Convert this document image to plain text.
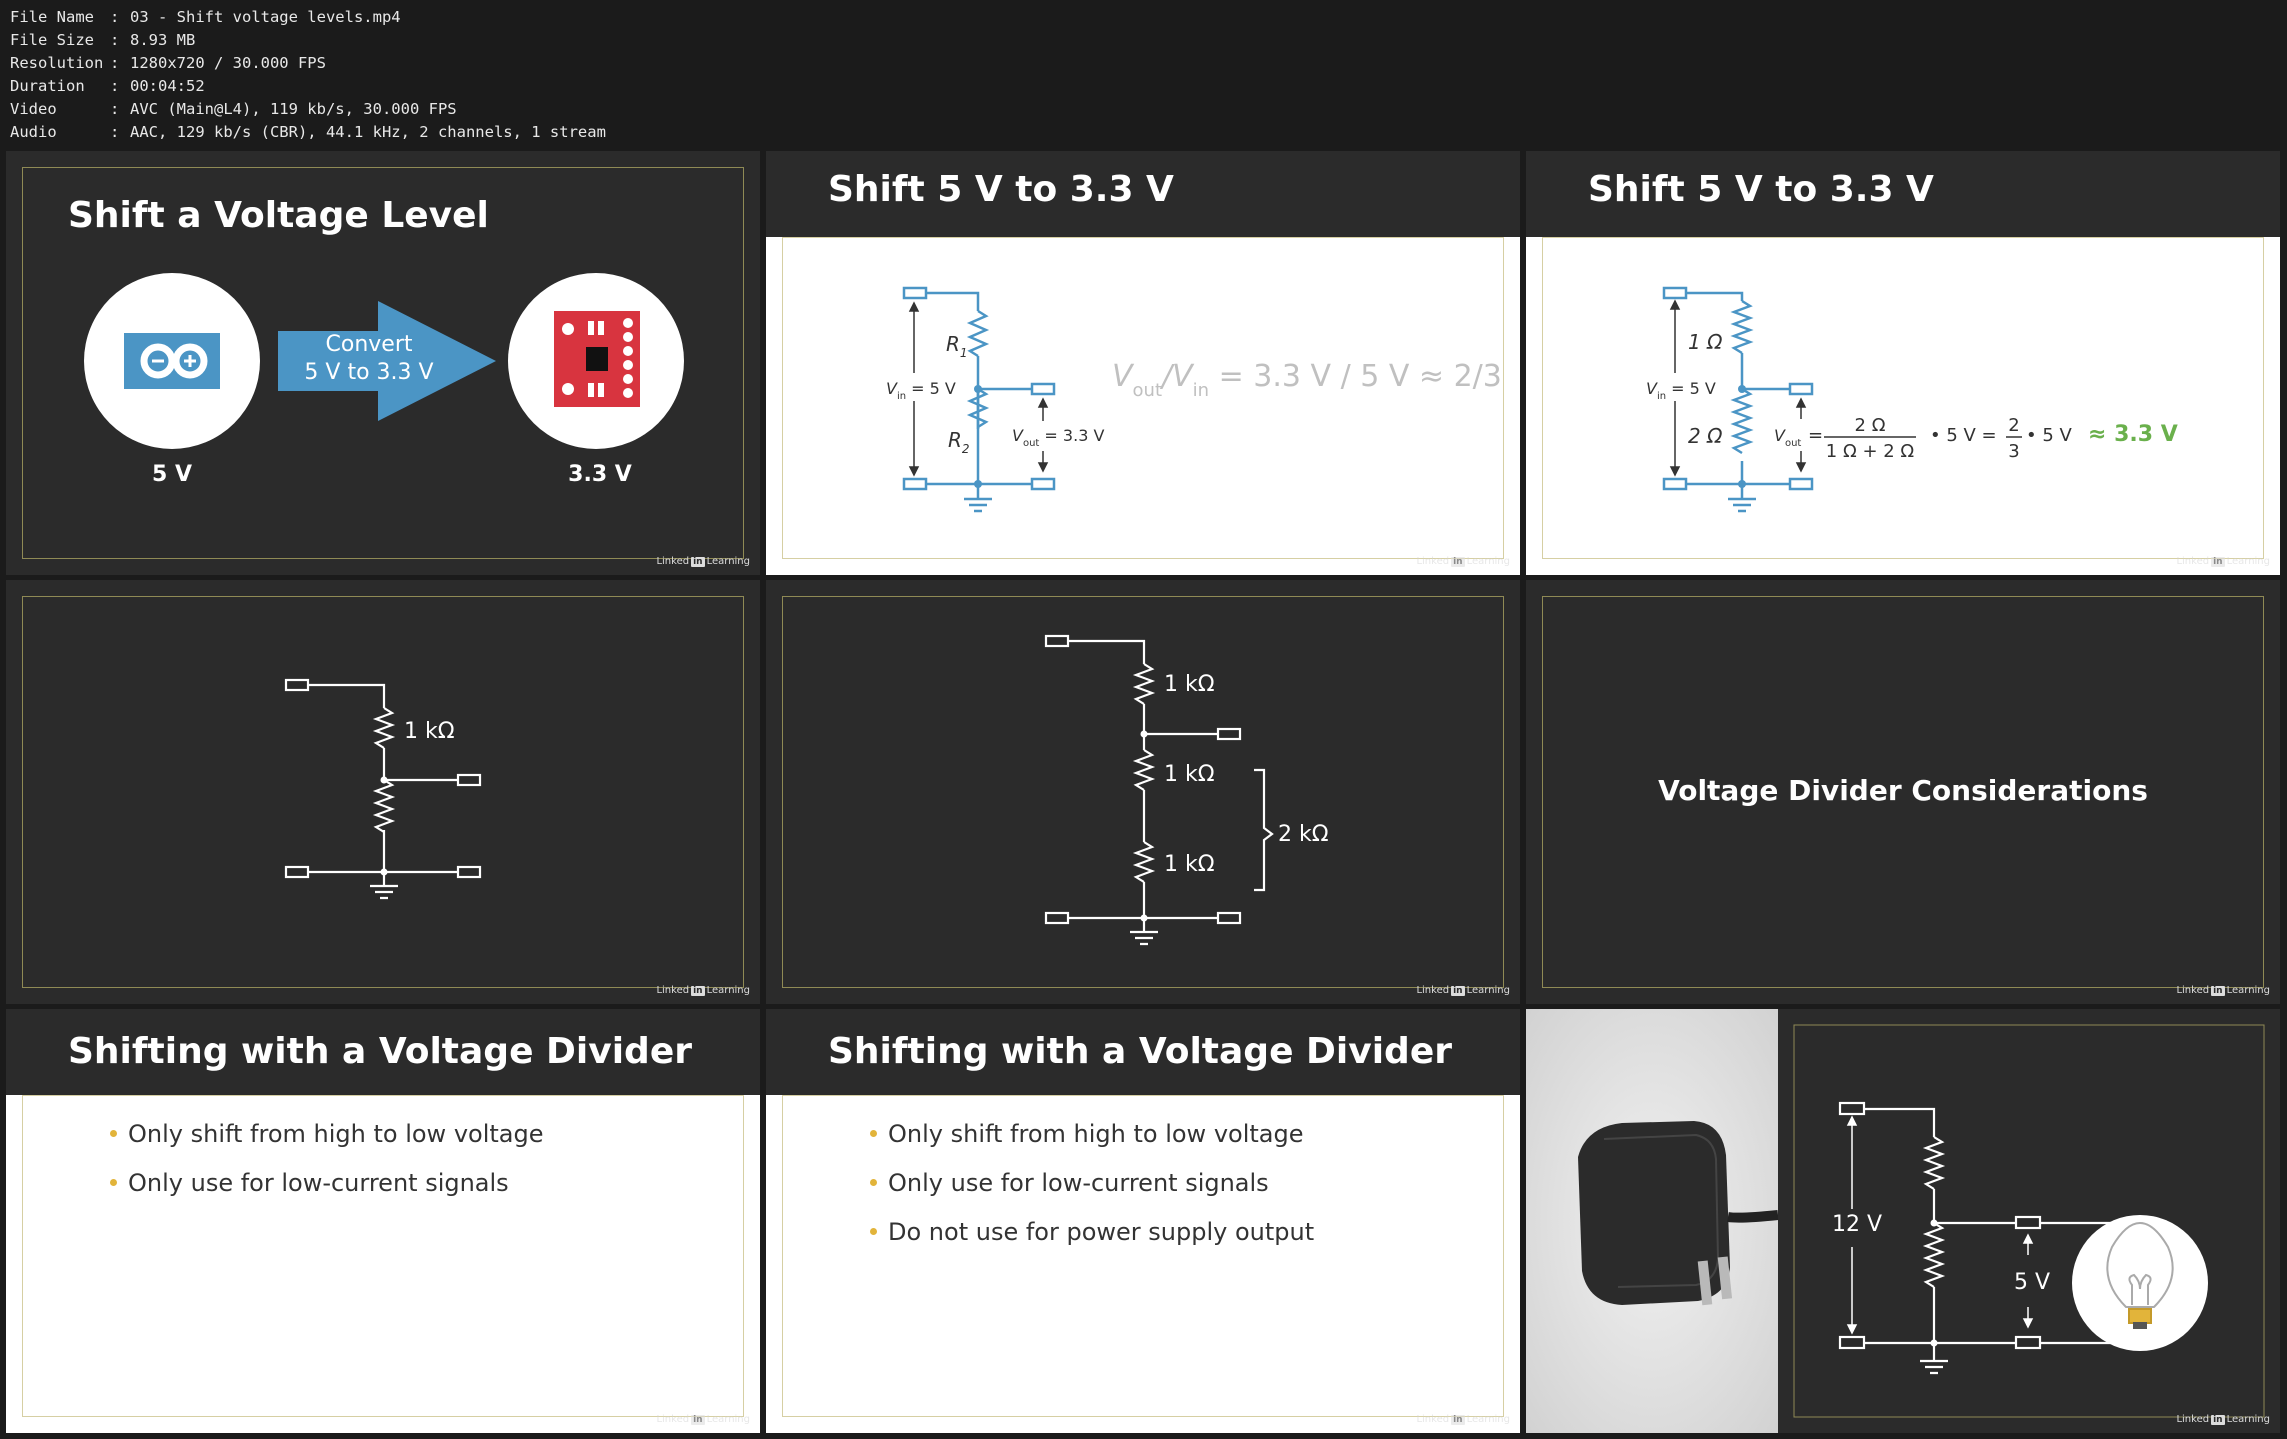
File Name	: 03 - Shift voltage levels.mp4
File Size	: 8.93 MB
Resolution : 1280x720 / 30.000 FPS
Duration	: 00:04:52
Video	: AVC (Main@L4), 119 kb/s, 30.000 FPS
Audio	: AAC, 129 kb/s (CBR), 44.1 kHz, 2 channels, 1 stream
Shift a Voltage Level
Convert
5 V to 3.3 V
5 V	3.3 V
Linked in Learning
Shift 5 V to 3.3 V
$R_1$
$R_2$
$V_{in} = 5$ V
$V_{out} = 3.3$ V
$V_{out}/V_{in} = 3.3$ V / 5 V ≈ 2/3
Linked in Learning
Shift 5 V to 3.3 V
1 Ω
2 Ω
$V_{in} = 5$ V
$V_{out} = 2$ Ω
1 Ω + 2 Ω
• 5 V = 2
3
• 5 V ≈ 3.3 V
Linked in Learning
1 kΩ
Linked in Learning
1 kΩ
1 kΩ
1 kΩ
2 kΩ
Linked in Learning
Voltage Divider Considerations
Linked in Learning
Shifting with a Voltage Divider
Only shift from high to low voltage
Only use for low-current signals
Linked in Learning
Shifting with a Voltage Divider
Only shift from high to low voltage
Only use for low-current signals
Do not use for power supply output
Linked in Learning
12 V
5 V
Linked in Learning
